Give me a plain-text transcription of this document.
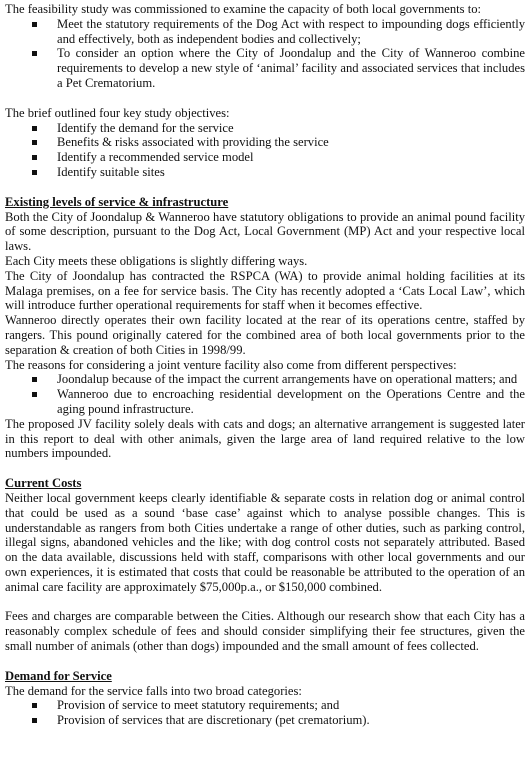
The feasibility study was commissioned to examine the capacity of both local governments to:

Meet the statutory requirements of the Dog Act with respect to impounding dogs efficiently and effectively, both as independent bodies and collectively;
To consider an option where the City of Joondalup and the City of Wanneroo combine requirements to develop a new style of ‘animal’ facility and associated services that includes a Pet Crematorium.

The brief outlined four key study objectives:

Identify the demand for the service
Benefits & risks associated with providing the service
Identify a recommended service model
Identify suitable sites

Existing levels of service & infrastructure

Both the City of Joondalup & Wanneroo have statutory obligations to provide an animal pound facility of some description, pursuant to the Dog Act, Local Government (MP) Act and your respective local laws.

Each City meets these obligations is slightly differing ways.

The City of Joondalup has contracted the RSPCA (WA) to provide animal holding facilities at its Malaga premises, on a fee for service basis. The City has recently adopted a ‘Cats Local Law’, which will introduce further operational requirements for staff when it becomes effective.

Wanneroo directly operates their own facility located at the rear of its operations centre, staffed by rangers. This pound originally catered for the combined area of both local governments prior to the separation & creation of both Cities in 1998/99.

The reasons for considering a joint venture facility also come from different perspectives:

Joondalup because of the impact the current arrangements have on operational matters; and
Wanneroo due to encroaching residential development on the Operations Centre and the aging pound infrastructure.

The proposed JV facility solely deals with cats and dogs; an alternative arrangement is suggested later in this report to deal with other animals, given the large area of land required relative to the low numbers impounded.

Current Costs

Neither local government keeps clearly identifiable & separate costs in relation dog or animal control that could be used as a sound ‘base case’ against which to analyse possible changes. This is understandable as rangers from both Cities undertake a range of other duties, such as parking control, illegal signs, abandoned vehicles and the like; with dog control costs not separately attributed. Based on the data available, discussions held with staff, comparisons with other local governments and our own experiences, it is estimated that costs that could be reasonable be attributed to the operation of an animal care facility are approximately $75,000p.a., or $150,000 combined.

Fees and charges are comparable between the Cities. Although our research show that each City has a reasonably complex schedule of fees and should consider simplifying their fee structures, given the small number of animals (other than dogs) impounded and the small amount of fees collected.

Demand for Service

The demand for the service falls into two broad categories:

Provision of service to meet statutory requirements; and
Provision of services that are discretionary (pet crematorium).
